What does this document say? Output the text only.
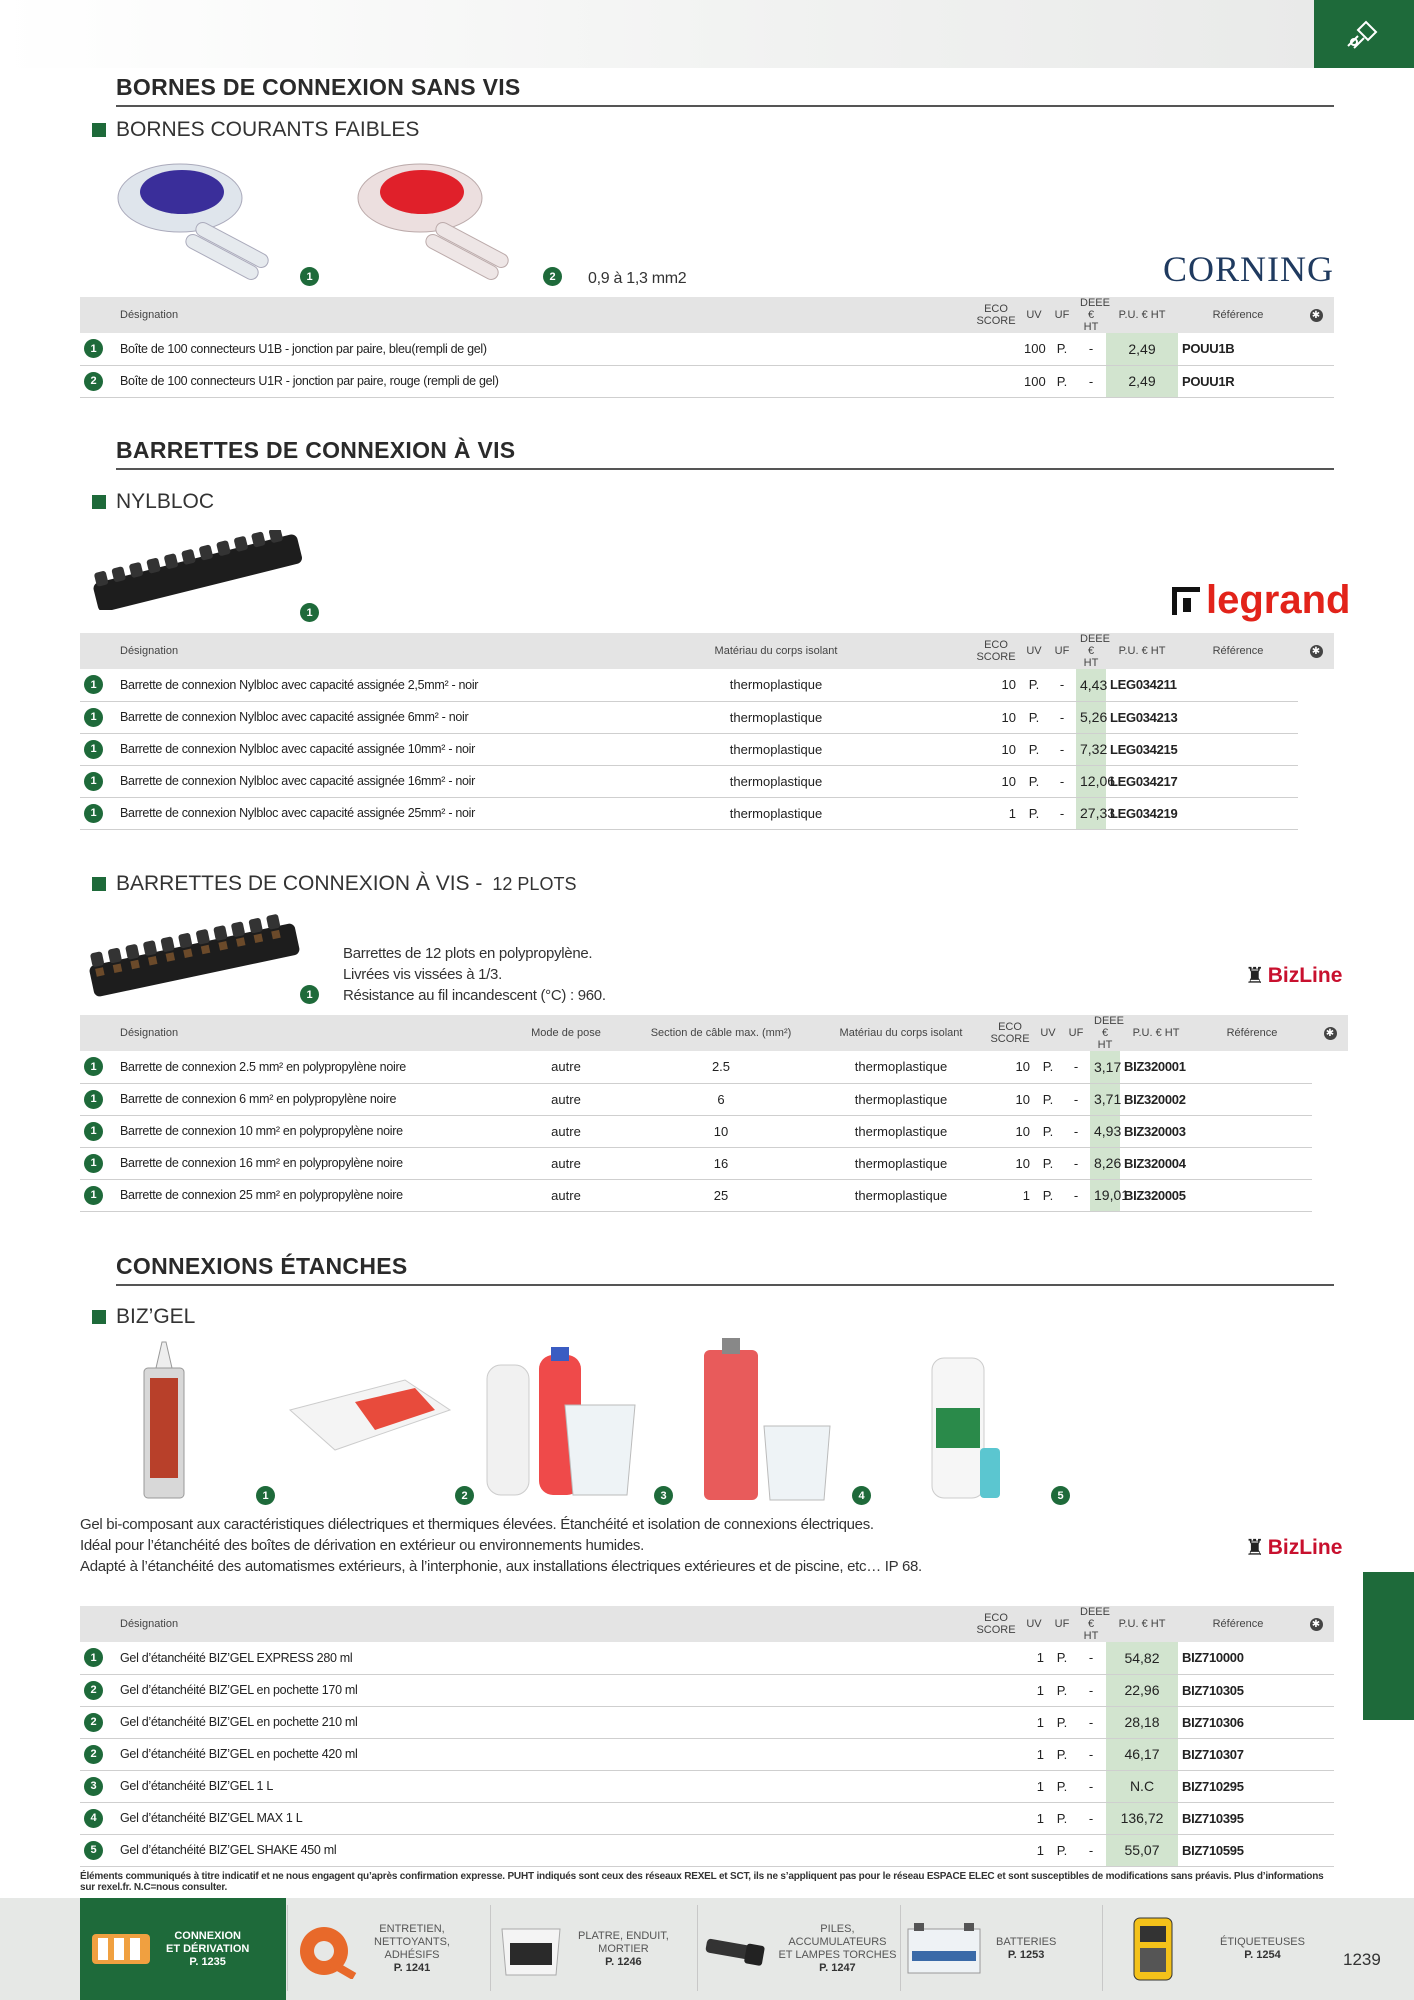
BORNES DE CONNEXION SANS VIS
BORNES COURANTS FAIBLES
1	2	0,9 à 1,3 mm2	CORNING
	Désignation	ECO
SCORE	UV	UF	DEEE
€ HT	P.U. € HT	Référence	✱
1	Boîte de 100 connecteurs U1B - jonction par paire, bleu(rempli de gel)		100	P.	-	2,49	POUU1B	
2	Boîte de 100 connecteurs U1R - jonction par paire, rouge (rempli de gel)		100	P.	-	2,49	POUU1R	
BARRETTES DE CONNEXION À VIS
NYLBLOC
1	legrand
	Désignation	Matériau du corps isolant		ECO
SCORE	UV	UF	DEEE
€ HT	P.U. € HT	Référence	✱
1	Barrette de connexion Nylbloc avec capacité assignée 2,5mm² - noir	thermoplastique		10	P.	-	4,43	LEG034211		
1	Barrette de connexion Nylbloc avec capacité assignée 6mm² - noir	thermoplastique		10	P.	-	5,26	LEG034213		
1	Barrette de connexion Nylbloc avec capacité assignée 10mm² - noir	thermoplastique		10	P.	-	7,32	LEG034215		
1	Barrette de connexion Nylbloc avec capacité assignée 16mm² - noir	thermoplastique		10	P.	-	12,06	LEG034217		
1	Barrette de connexion Nylbloc avec capacité assignée 25mm² - noir	thermoplastique		1	P.	-	27,33	LEG034219		
BARRETTES DE CONNEXION À VIS - 12 PLOTS
1
Barrettes de 12 plots en polypropylène.
Livrées vis vissées à 1/3.
Résistance au fil incandescent (°C) : 960.
♜ BizLine
	Désignation	Mode de pose	Section de câble max. (mm²)	Matériau du corps isolant		ECO
SCORE	UV	UF	DEEE
€ HT	P.U. € HT	Référence	✱
1	Barrette de connexion 2.5 mm² en polypropylène noire	autre	2.5	thermoplastique		10	P.	-	3,17	BIZ320001		
1	Barrette de connexion 6 mm² en polypropylène noire	autre	6	thermoplastique		10	P.	-	3,71	BIZ320002		
1	Barrette de connexion 10 mm² en polypropylène noire	autre	10	thermoplastique		10	P.	-	4,93	BIZ320003		
1	Barrette de connexion 16 mm² en polypropylène noire	autre	16	thermoplastique		10	P.	-	8,26	BIZ320004		
1	Barrette de connexion 25 mm² en polypropylène noire	autre	25	thermoplastique		1	P.	-	19,01	BIZ320005		
CONNEXIONS ÉTANCHES
BIZ’GEL
1	2	3	4	5
Gel bi-composant aux caractéristiques diélectriques et thermiques élevées. Étanchéité et isolation de connexions électriques.
Idéal pour l’étanchéité des boîtes de dérivation en extérieur ou environnements humides.
Adapté à l’étanchéité des automatismes extérieurs, à l’interphonie, aux installations électriques extérieures et de piscine, etc… IP 68.
♜ BizLine
	Désignation	ECO
SCORE	UV	UF	DEEE
€ HT	P.U. € HT	Référence	✱
1	Gel d’étanchéité BIZ’GEL EXPRESS 280 ml		1	P.	-	54,82	BIZ710000	
2	Gel d’étanchéité BIZ’GEL en pochette 170 ml		1	P.	-	22,96	BIZ710305	
2	Gel d’étanchéité BIZ’GEL en pochette 210 ml		1	P.	-	28,18	BIZ710306	
2	Gel d’étanchéité BIZ’GEL en pochette 420 ml		1	P.	-	46,17	BIZ710307	
3	Gel d’étanchéité BIZ’GEL 1 L		1	P.	-	N.C	BIZ710295	
4	Gel d’étanchéité BIZ’GEL MAX 1 L		1	P.	-	136,72	BIZ710395	
5	Gel d’étanchéité BIZ’GEL SHAKE 450 ml		1	P.	-	55,07	BIZ710595	
Éléments communiqués à titre indicatif et ne nous engagent qu’après confirmation expresse. PUHT indiqués sont ceux des réseaux REXEL et SCT, ils ne s’appliquent pas pour le réseau ESPACE ELEC et sont susceptibles de modifications sans préavis. Plus d’informations sur rexel.fr. N.C=nous consulter.
CONNEXION
ET DÉRIVATION
P. 1235
ENTRETIEN,
NETTOYANTS,
ADHÉSIFS
P. 1241
PLATRE, ENDUIT,
MORTIER
P. 1246
PILES, ACCUMULATEURS
ET LAMPES TORCHES
P. 1247
BATTERIES
P. 1253
ÉTIQUETEUSES
P. 1254	1239
